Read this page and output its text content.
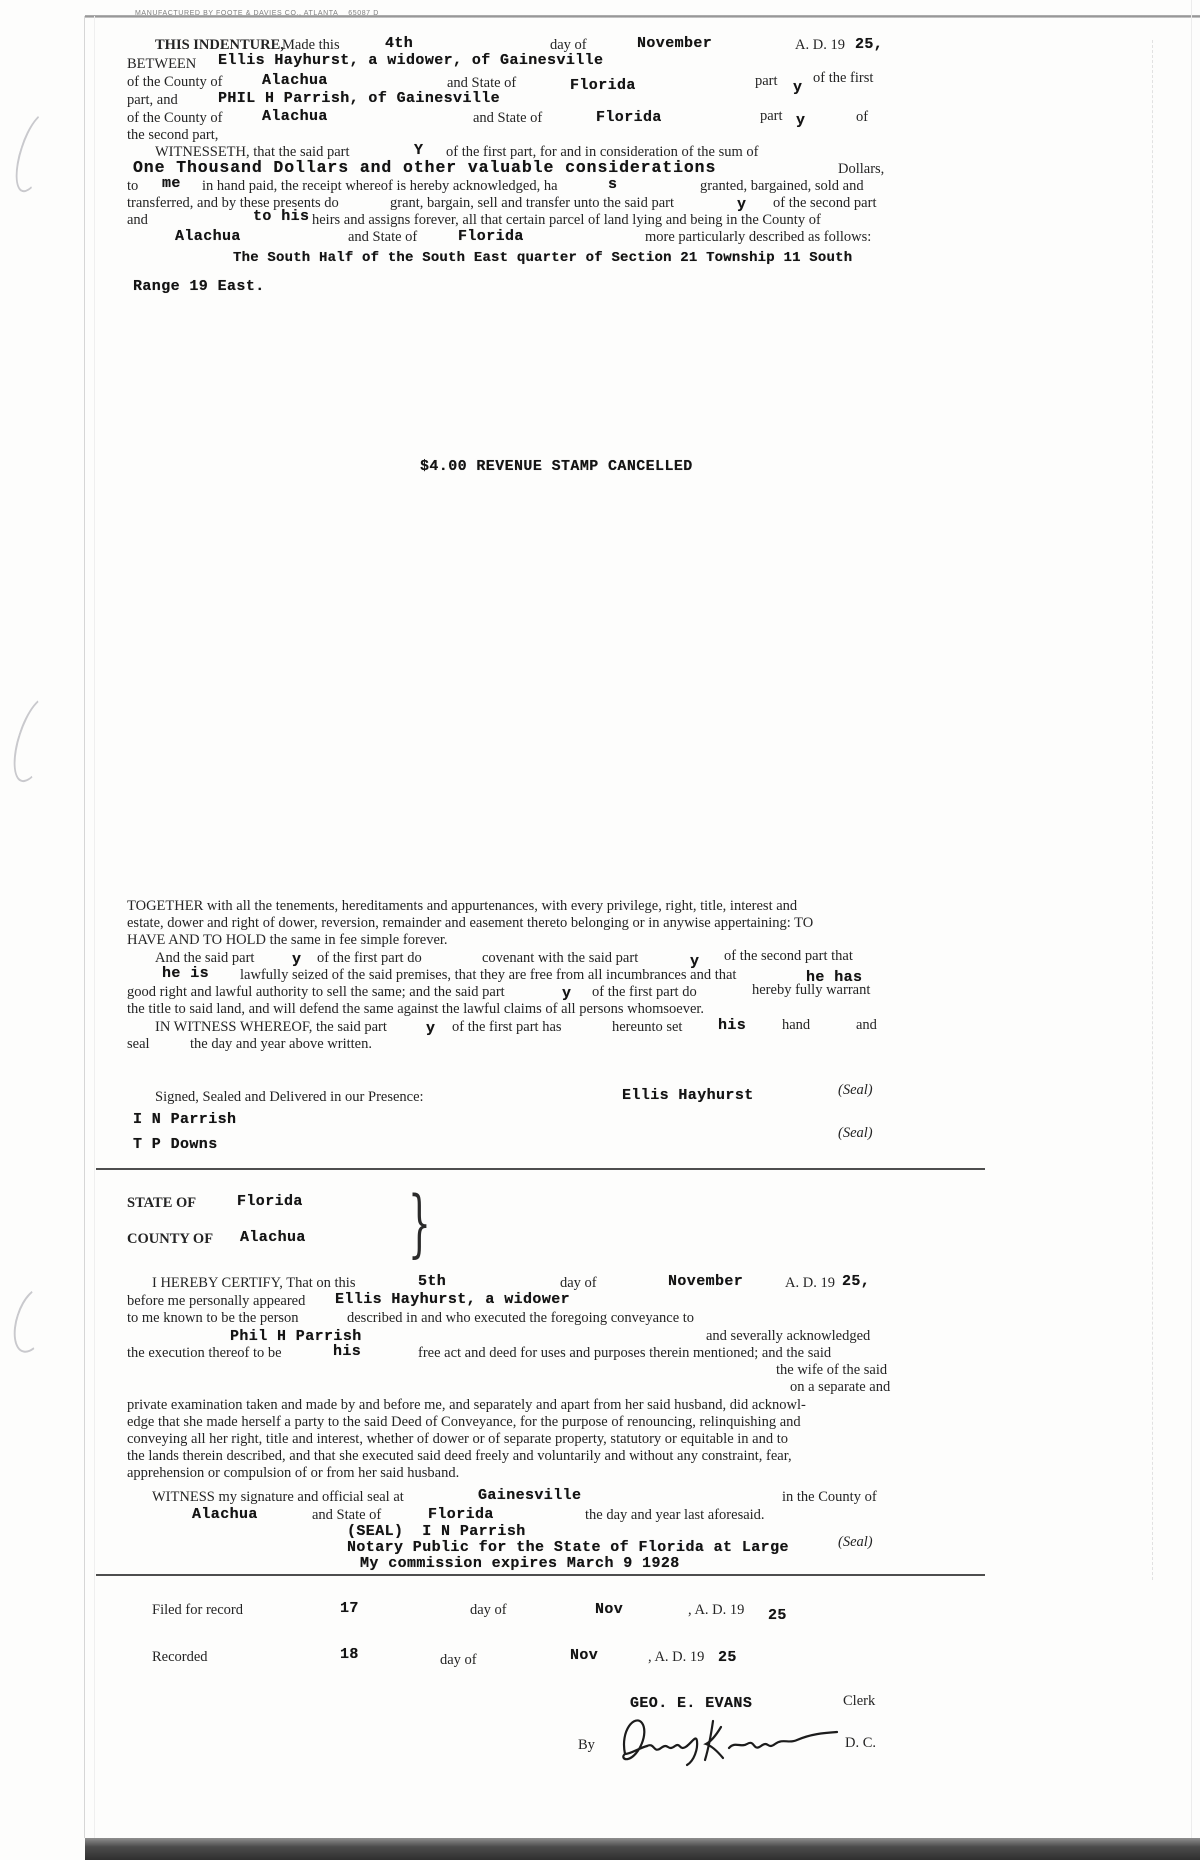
MANUFACTURED BY FOOTE & DAVIES CO., ATLANTA    65087 D
THIS INDENTURE,
Made this	4th	day of	November	A. D. 19 25,
BETWEEN Ellis Hayhurst, a widower, of Gainesville
of the County of	Alachua	and State of	Florida	part y
of the first
part, and	PHIL H Parrish, of Gainesville
of the County of	Alachua	and State of	Florida	part y	of
the second part,
WITNESSETH, that the said part	Y of the first part, for and in consideration of the sum of
One Thousand Dollars and other valuable considerations	Dollars,
to me in hand paid, the receipt whereof is hereby acknowledged, ha	s	granted, bargained, sold and
transferred, and by these presents do	grant, bargain, sell and transfer unto the said part	y of the second part
and	to his heirs and assigns forever, all that certain parcel of land lying and being in the County of
Alachua	and State of	Florida	more particularly described as follows:
The South Half of the South East quarter of Section 21 Township 11 South
Range 19 East.
$4.00 REVENUE STAMP CANCELLED
TOGETHER with all the tenements, hereditaments and appurtenances, with every privilege, right, title, interest and
estate, dower and right of dower, reversion, remainder and easement thereto belonging or in anywise appertaining: TO
HAVE AND TO HOLD the same in fee simple forever.
And the said part	y of the first part do	covenant with the said part	y of the second part that
he is lawfully seized of the said premises, that they are free from all incumbrances and that	he has
good right and lawful authority to sell the same; and the said part	y of the first part do	hereby fully warrant
the title to said land, and will defend the same against the lawful claims of all persons whomsoever.
IN WITNESS WHEREOF, the said part	y of the first part has	hereunto set his hand	and
seal	the day and year above written.
Signed, Sealed and Delivered in our Presence:	Ellis Hayhurst	(Seal)
I N Parrish
T P Downs
(Seal)
STATE OF	Florida
COUNTY OF Alachua }
I HEREBY CERTIFY, That on this	5th	day of	November	A. D. 19 25,
before me personally appeared Ellis Hayhurst, a widower
to me known to be the person	described in and who executed the foregoing conveyance to
Phil H Parrish	and severally acknowledged
the execution thereof to be	his	free act and deed for uses and purposes therein mentioned; and the said
the wife of the said
on a separate and
private examination taken and made by and before me, and separately and apart from her said husband, did acknowl-
edge that she made herself a party to the said Deed of Conveyance, for the purpose of renouncing, relinquishing and
conveying all her right, title and interest, whether of dower or of separate property, statutory or equitable in and to
the lands therein described, and that she executed said deed freely and voluntarily and without any constraint, fear,
apprehension or compulsion of or from her said husband.
WITNESS my signature and official seal at	Gainesville	in the County of
Alachua	and State of	Florida	the day and year last aforesaid.
(SEAL)  I N Parrish
Notary Public for the State of Florida at Large	(Seal)
My commission expires March 9 1928
Filed for record	17	day of	Nov	, A. D. 19 25
Recorded	18	day of	Nov	, A. D. 19 25
GEO. E. EVANS	Clerk
By	D. C.
